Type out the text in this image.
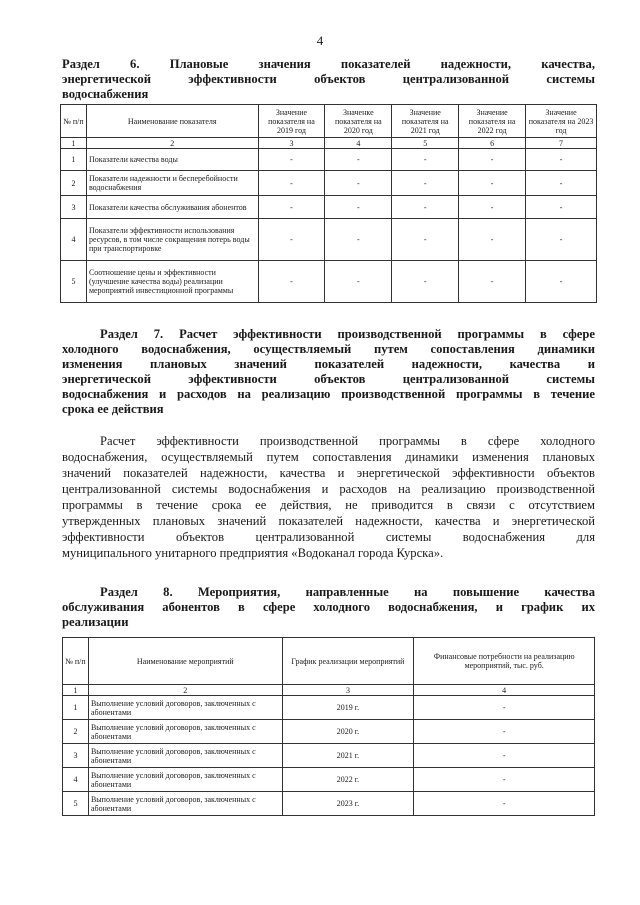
4
Раздел 6. Плановые значения показателей надежности, качества,
энергетической эффективности объектов централизованной системы
водоснабжения
№ п/п	Наименование показателя	Значение показателя на 2019 год	Значенке показателя на 2020 год	Значение показателя на 2021 год	Значение показателя на 2022 год	Значение показателя на 2023 год
1	2	3	4	5	6	7
1	Показатели качества воды	-	-	-	-	-
2	Показатели надежности и бесперебойности водоснабжения	-	-	-	-	-
3	Показатели качества обслуживания абонентов	-	-	-	-	-
4	Показатели эффективности использования ресурсов, в том числе сокращения потерь воды при транспортировке	-	-	-	-	-
5	Соотношение цены и эффективности (улучшение качества воды) реализации мероприятий инвестиционной программы	-	-	-	-	-
Раздел 7. Расчет эффективности производственной программы в сфере
холодного водоснабжения, осуществляемый путем сопоставления динамики
изменения плановых значений показателей надежности, качества и
энергетической эффективности объектов централизованной системы
водоснабжения и расходов на реализацию производственной программы в течение
срока ее действия
Расчет эффективности производственной программы в сфере холодного
водоснабжения, осуществляемый путем сопоставления динамики изменения плановых
значений показателей надежности, качества и энергетической эффективности объектов
централизованной системы водоснабжения и расходов на реализацию производственной
программы в течение срока ее действия, не приводится в связи с отсутствием
утвержденных плановых значений показателей надежности, качества и энергетической
эффективности объектов централизованной системы водоснабжения для
муниципального унитарного предприятия «Водоканал города Курска».
Раздел 8. Мероприятия, направленные на повышение качества
обслуживания абонентов в сфере холодного водоснабжения, и график их
реализации
№ п/п	Наименование мероприятий	График реализации мероприятий	Финансовые потребности на реализацию мероприятий, тыс. руб.
1	2	3	4
1	Выполнение условий договоров, заключенных с абонентами	2019 г.	-
2	Выполнение условий договоров, заключенных с абонентами	2020 г.	-
3	Выполнение условий договоров, заключенных с абонентами	2021 г.	-
4	Выполнение условий договоров, заключенных с абонентами	2022 г.	-
5	Выполнение условий договоров, заключенных с абонентами	2023 г.	-
